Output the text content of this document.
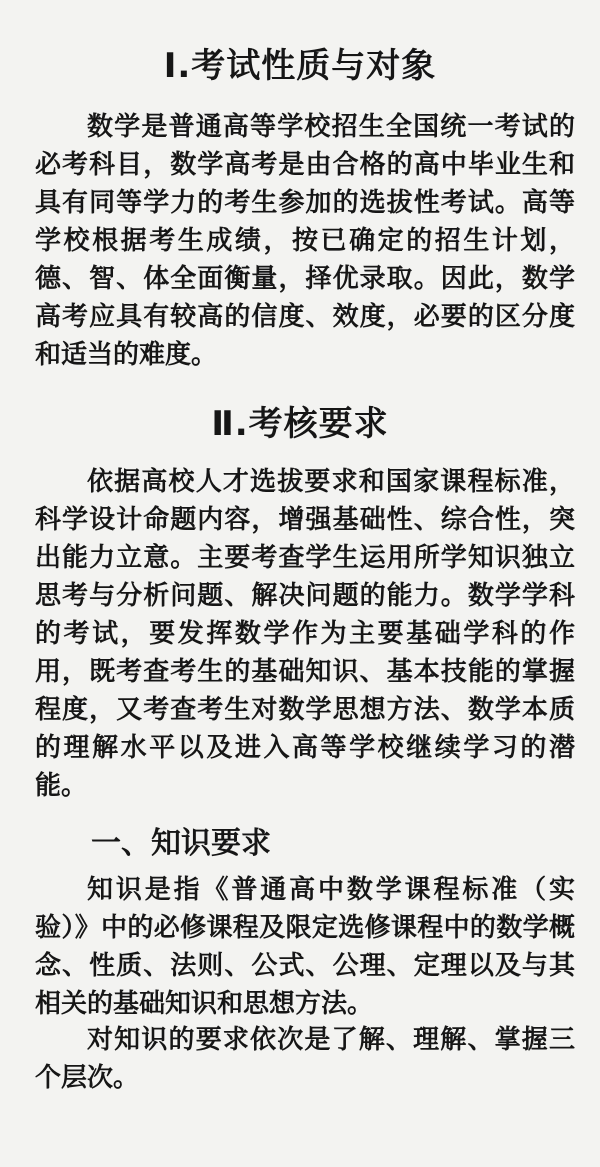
Ⅰ.考试性质与对象
数学是普通高等学校招生全国统一考试的必考科目，数学高考是由合格的高中毕业生和具有同等学力的考生参加的选拔性考试。高等学校根据考生成绩，按已确定的招生计划，德、智、体全面衡量，择优录取。因此，数学高考应具有较高的信度、效度，必要的区分度和适当的难度。
Ⅱ.考核要求
依据高校人才选拔要求和国家课程标准，科学设计命题内容，增强基础性、综合性，突出能力立意。主要考查学生运用所学知识独立思考与分析问题、解决问题的能力。数学学科的考试，要发挥数学作为主要基础学科的作用，既考查考生的基础知识、基本技能的掌握程度，又考查考生对数学思想方法、数学本质的理解水平以及进入高等学校继续学习的潜能。
一、知识要求
知识是指《普通高中数学课程标准（实验）》中的必修课程及限定选修课程中的数学概念、性质、法则、公式、公理、定理以及与其相关的基础知识和思想方法。
对知识的要求依次是了解、理解、掌握三个层次。
